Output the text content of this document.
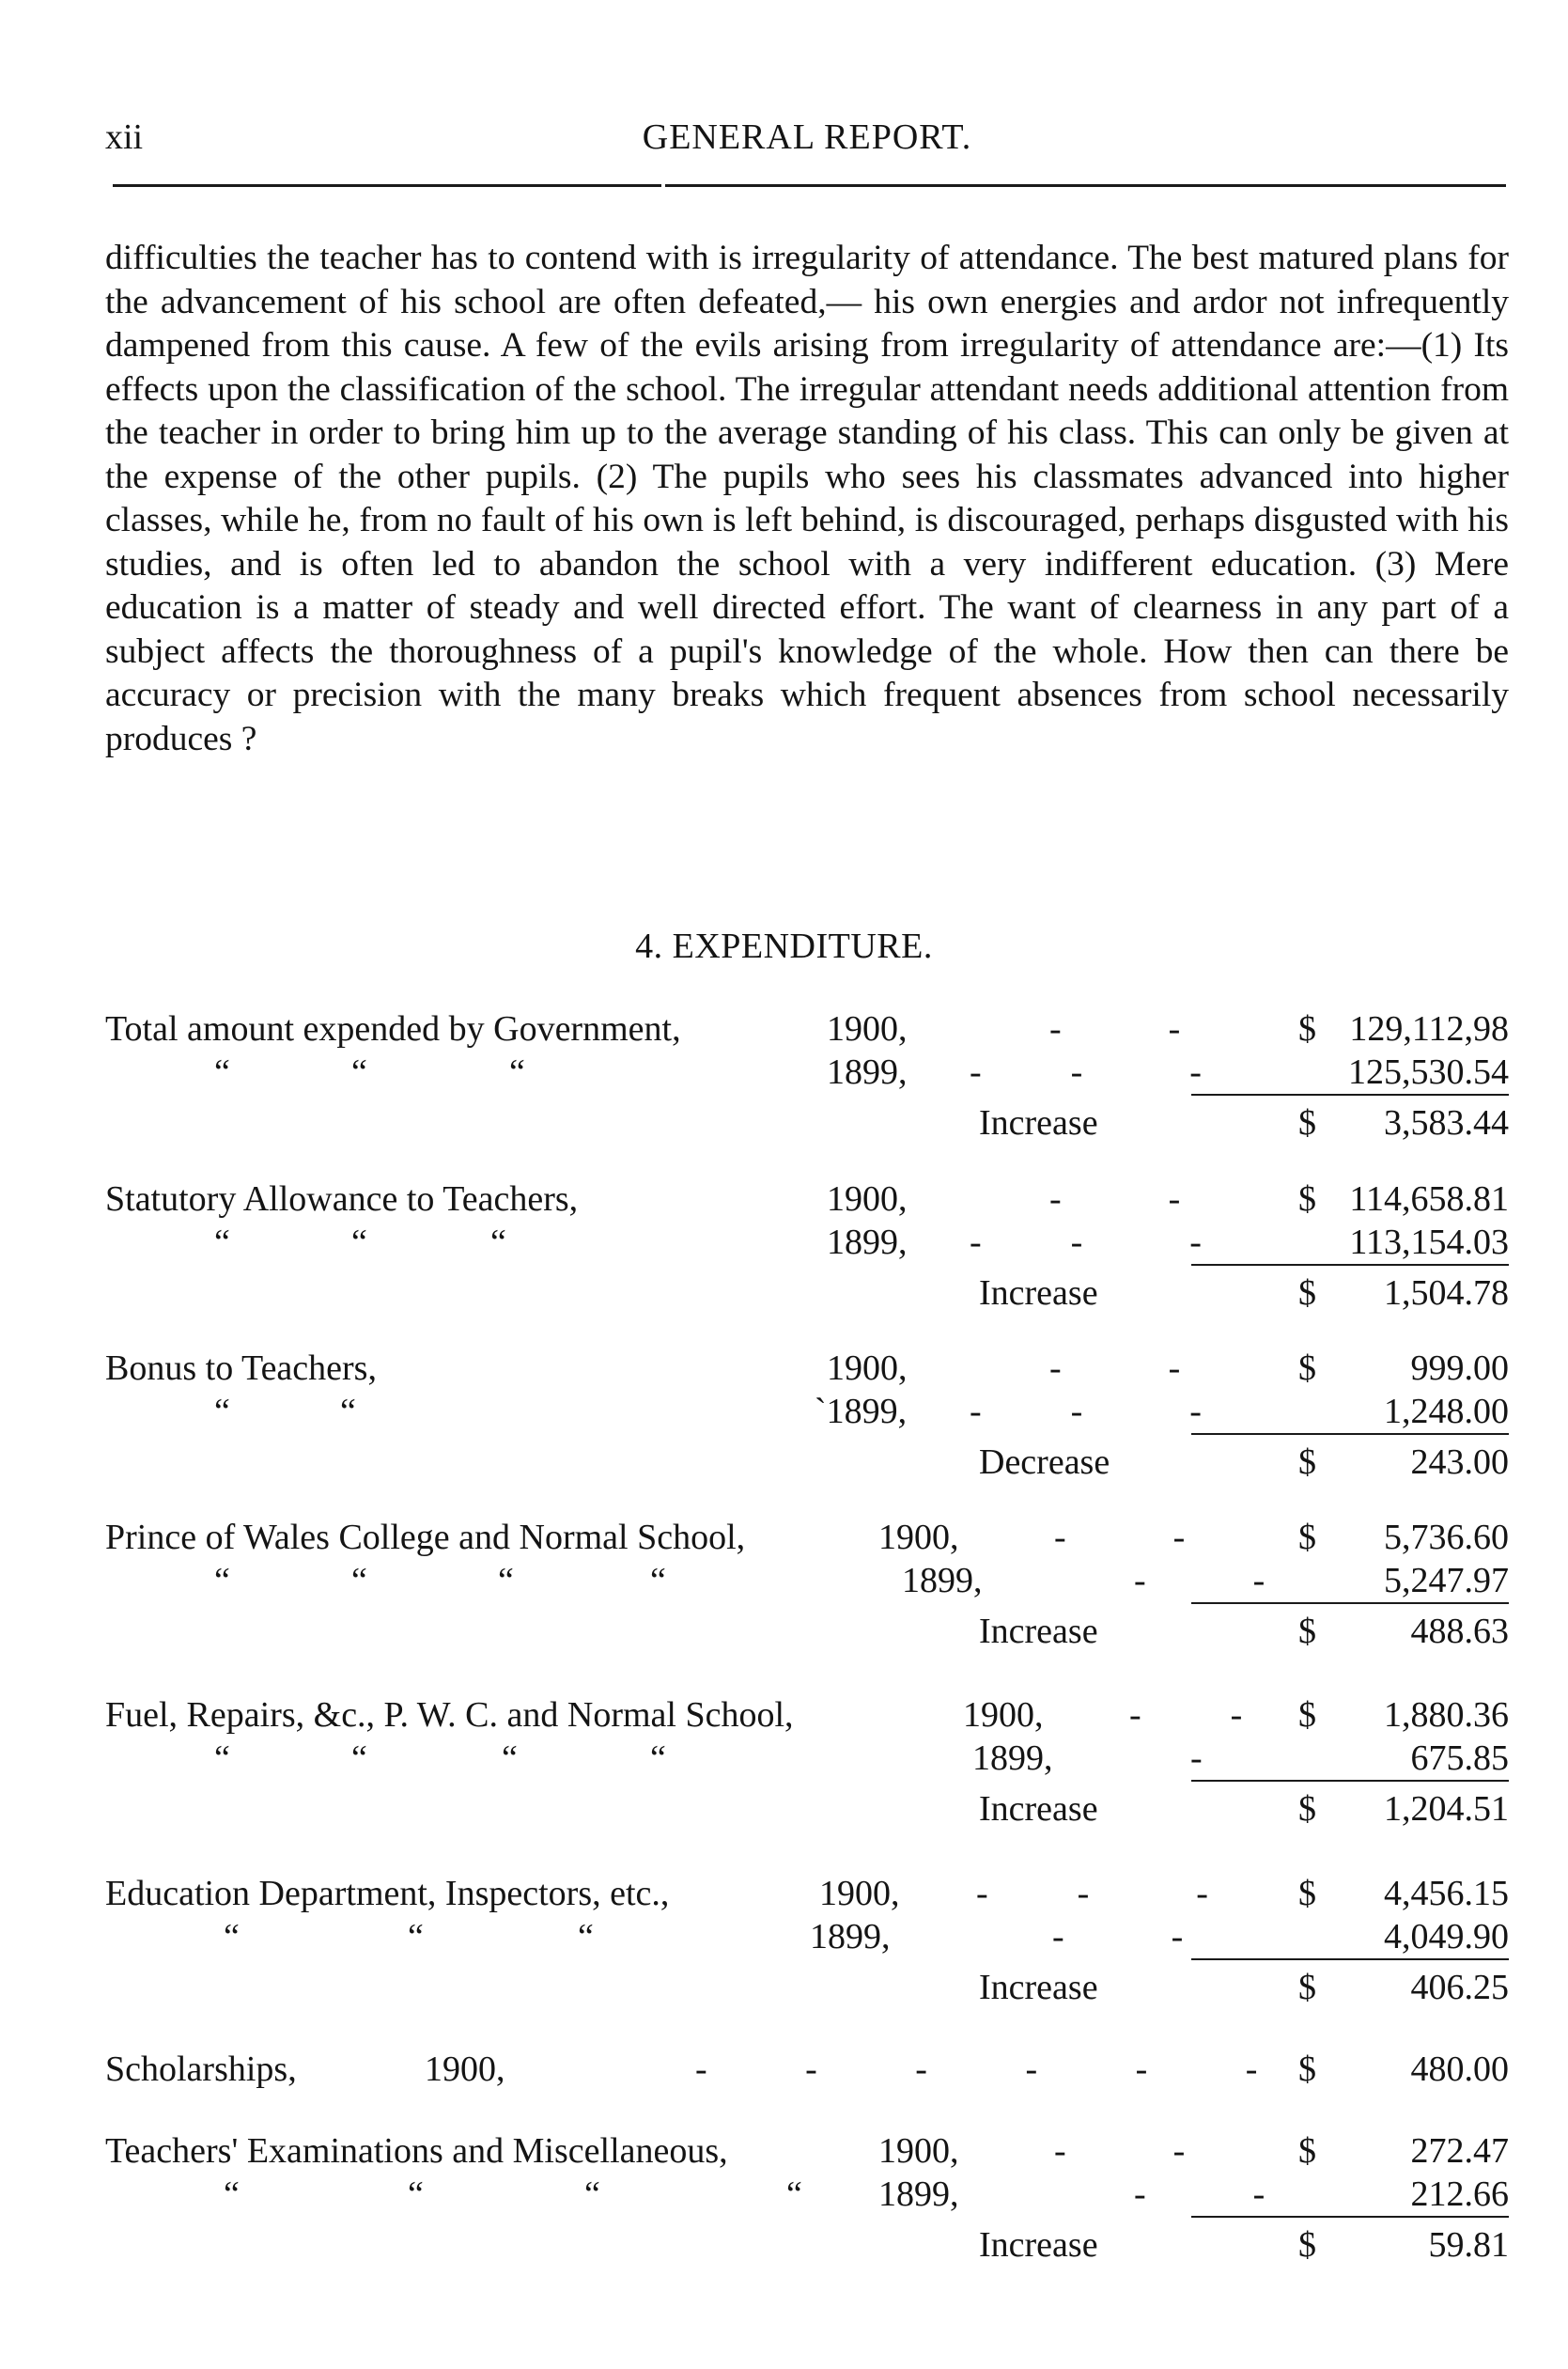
xii	GENERAL REPORT.

difficulties the teacher has to contend with is irregularity of attendance. The best matured plans for the advancement of his school are often defeated,— his own energies and ardor not infrequently dampened from this cause. A few of the evils arising from irregularity of attendance are:—(1) Its effects upon the classification of the school. The irregular attendant needs additional attention from the teacher in order to bring him up to the average standing of his class. This can only be given at the expense of the other pupils. (2) The pupils who sees his classmates advanced into higher classes, while he, from no fault of his own is left behind, is discouraged, perhaps disgusted with his studies, and is often led to abandon the school with a very indifferent education. (3) Mere education is a matter of steady and well directed effort. The want of clearness in any part of a subject affects the thoroughness of a pupil's knowledge of the whole. How then can there be accuracy or precision with the many breaks which frequent absences from school necessarily produces ?

4. EXPENDITURE.
Total amount expended by Government,	1900,	-            -	$ 129,112,98
“	“	“	1899, -          -            -	125,530.54
Increase	$ 3,583.44
Statutory Allowance to Teachers,	1900,	-            -	$ 114,658.81
“	“	“	1899, -          -            -	113,154.03
Increase	$ 1,504.78
Bonus to Teachers,	1900,	-            -	$	999.00
“	“	`1899, -          -            -	1,248.00
Decrease	$	243.00
Prince of Wales College and Normal School,	1900,	-            -	$ 5,736.60
“	“	“	“	1899,	-            -	5,247.97
Increase	$	488.63
Fuel, Repairs, &c., P. W. C. and Normal School,	1900, -          - $ 1,880.36
“	“	“	“	1899,	-	675.85
Increase	$ 1,204.51
Education Department, Inspectors, etc.,	1900, -          -            -	$ 4,456.15
“	“	“	1899,	-            -	4,049.90
Increase	$	406.25
Scholarships,	1900,	-           -           -           -           -           - $	480.00
Teachers' Examinations and Miscellaneous,	1900,	-            -	$	272.47
“	“	“	“ 1899,	-            -	212.66
Increase	$	59.81
